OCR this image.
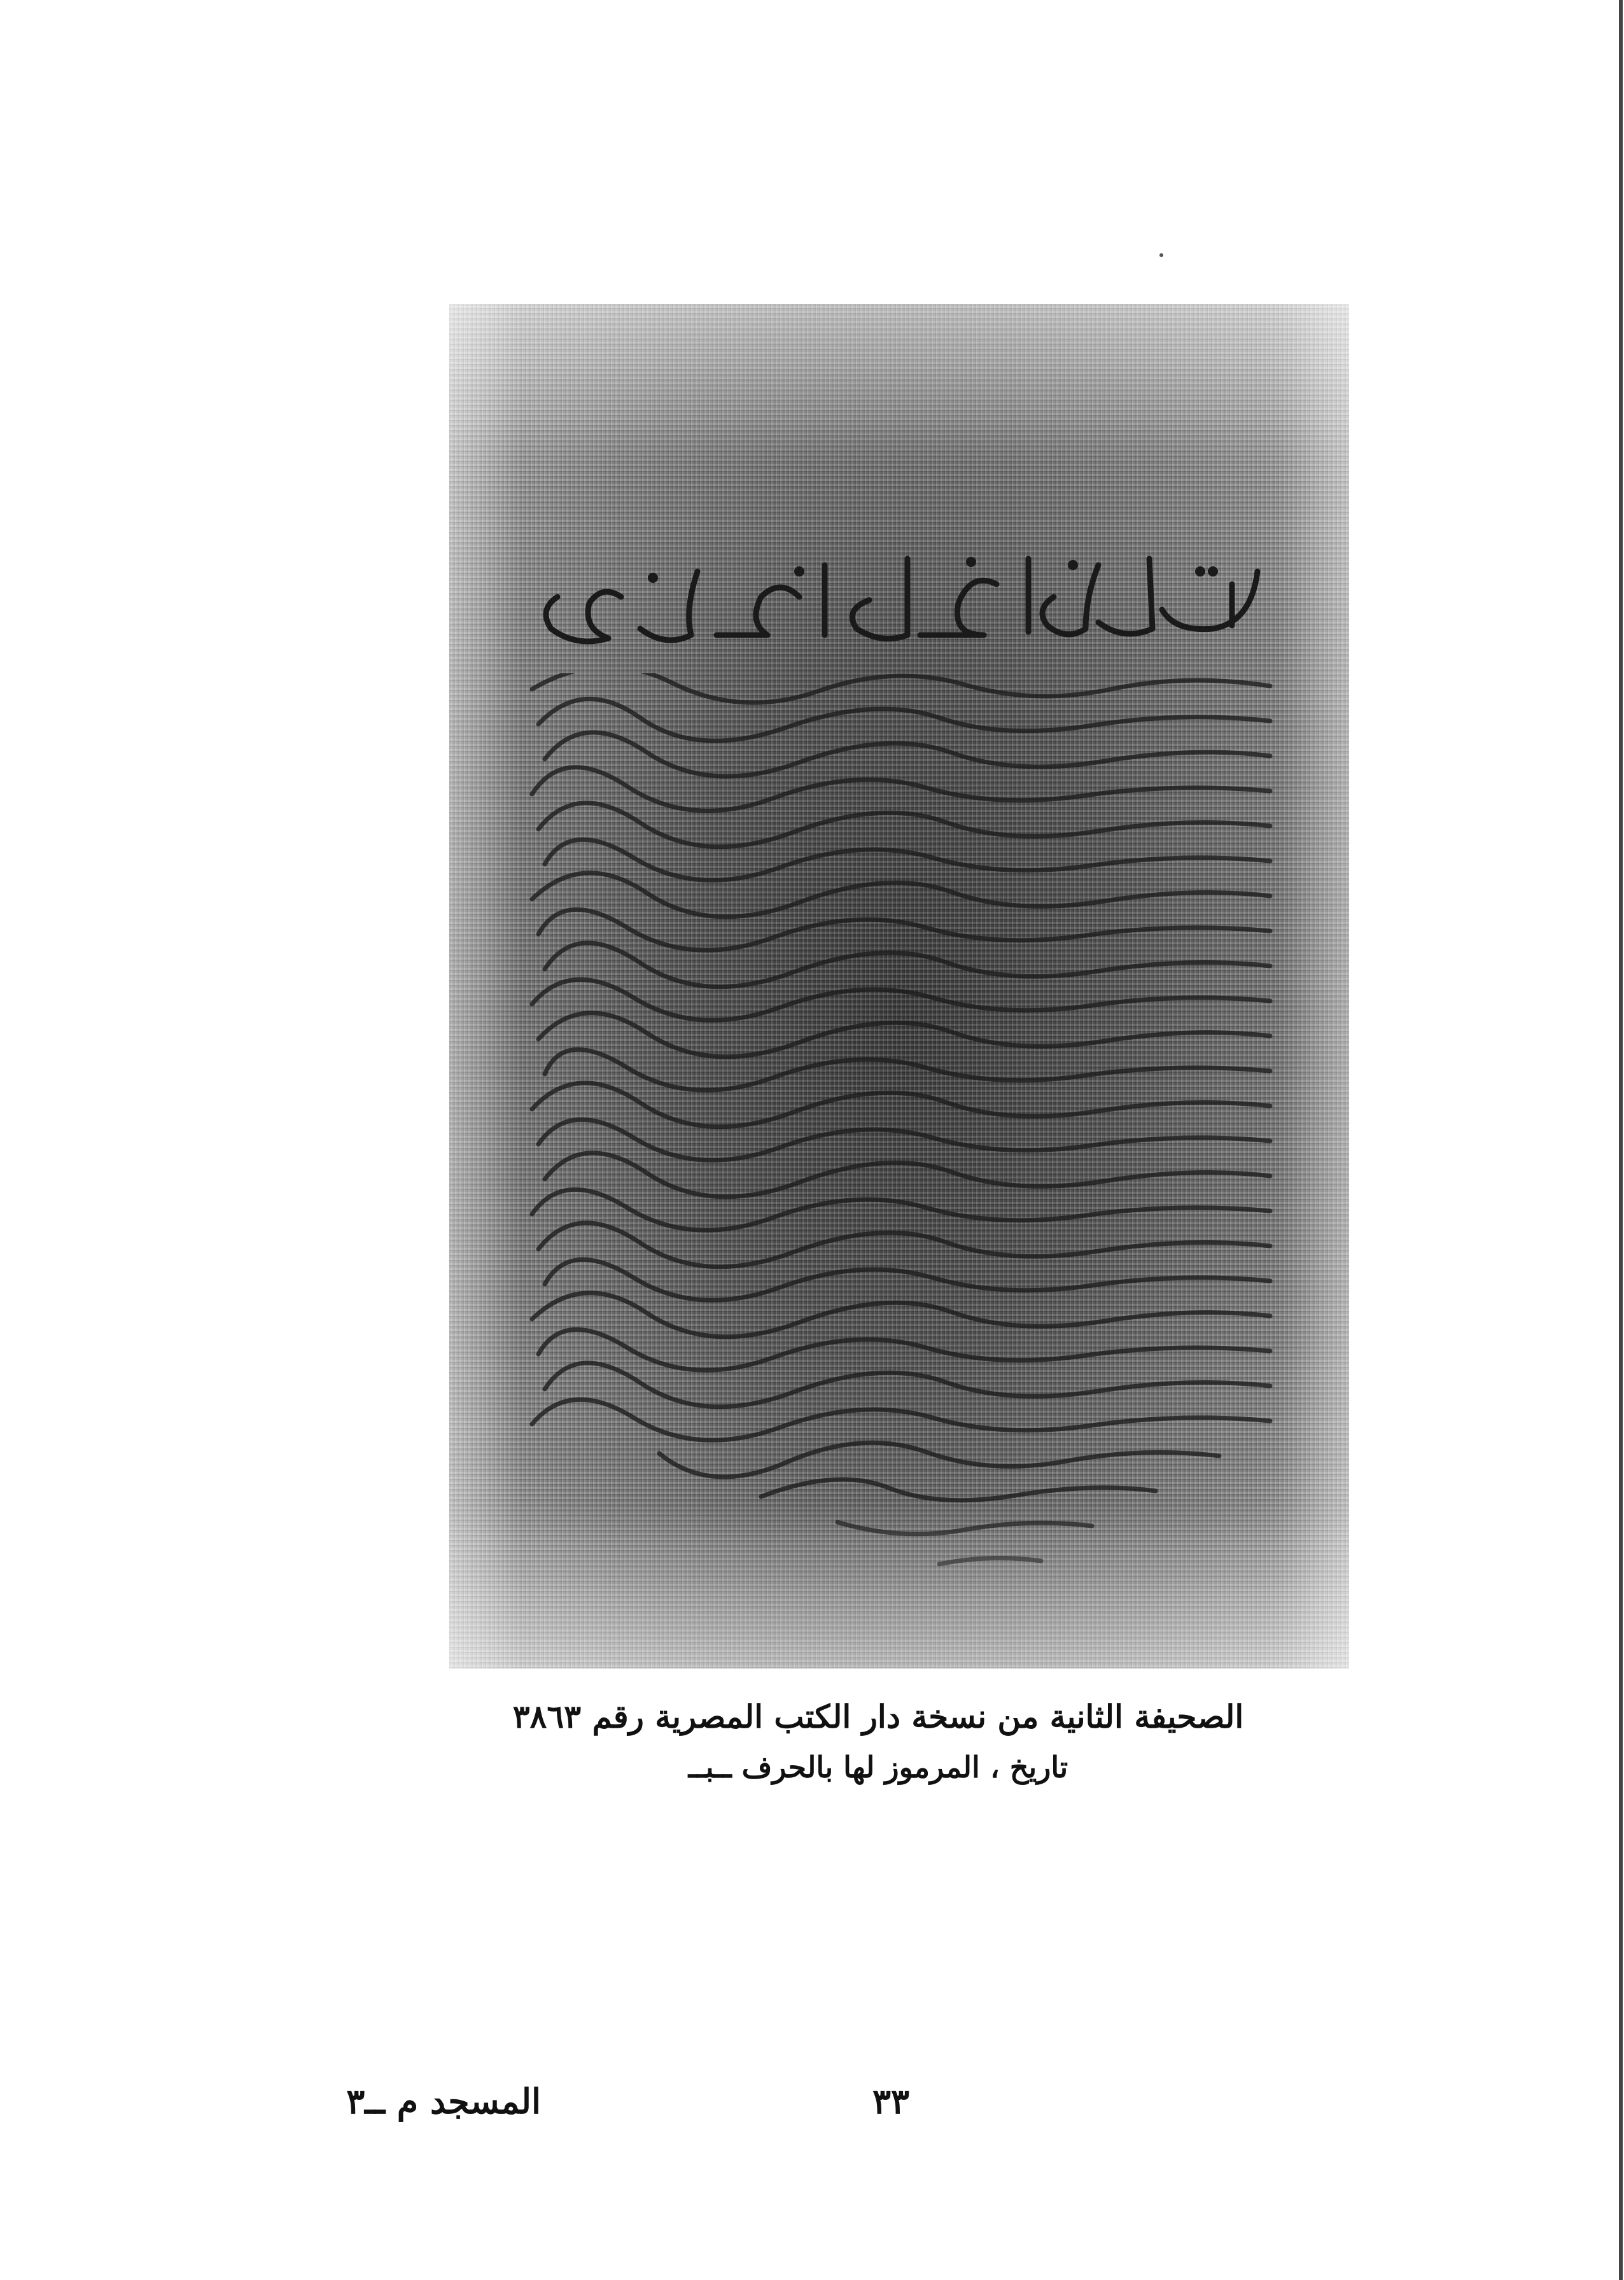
الصحيفة الثانية من نسخة دار الكتب المصرية رقم ٣٨٦٣
تاريخ ، المرموز لها بالحرف ــبــ
المسجد م ــ٣	٣٣
